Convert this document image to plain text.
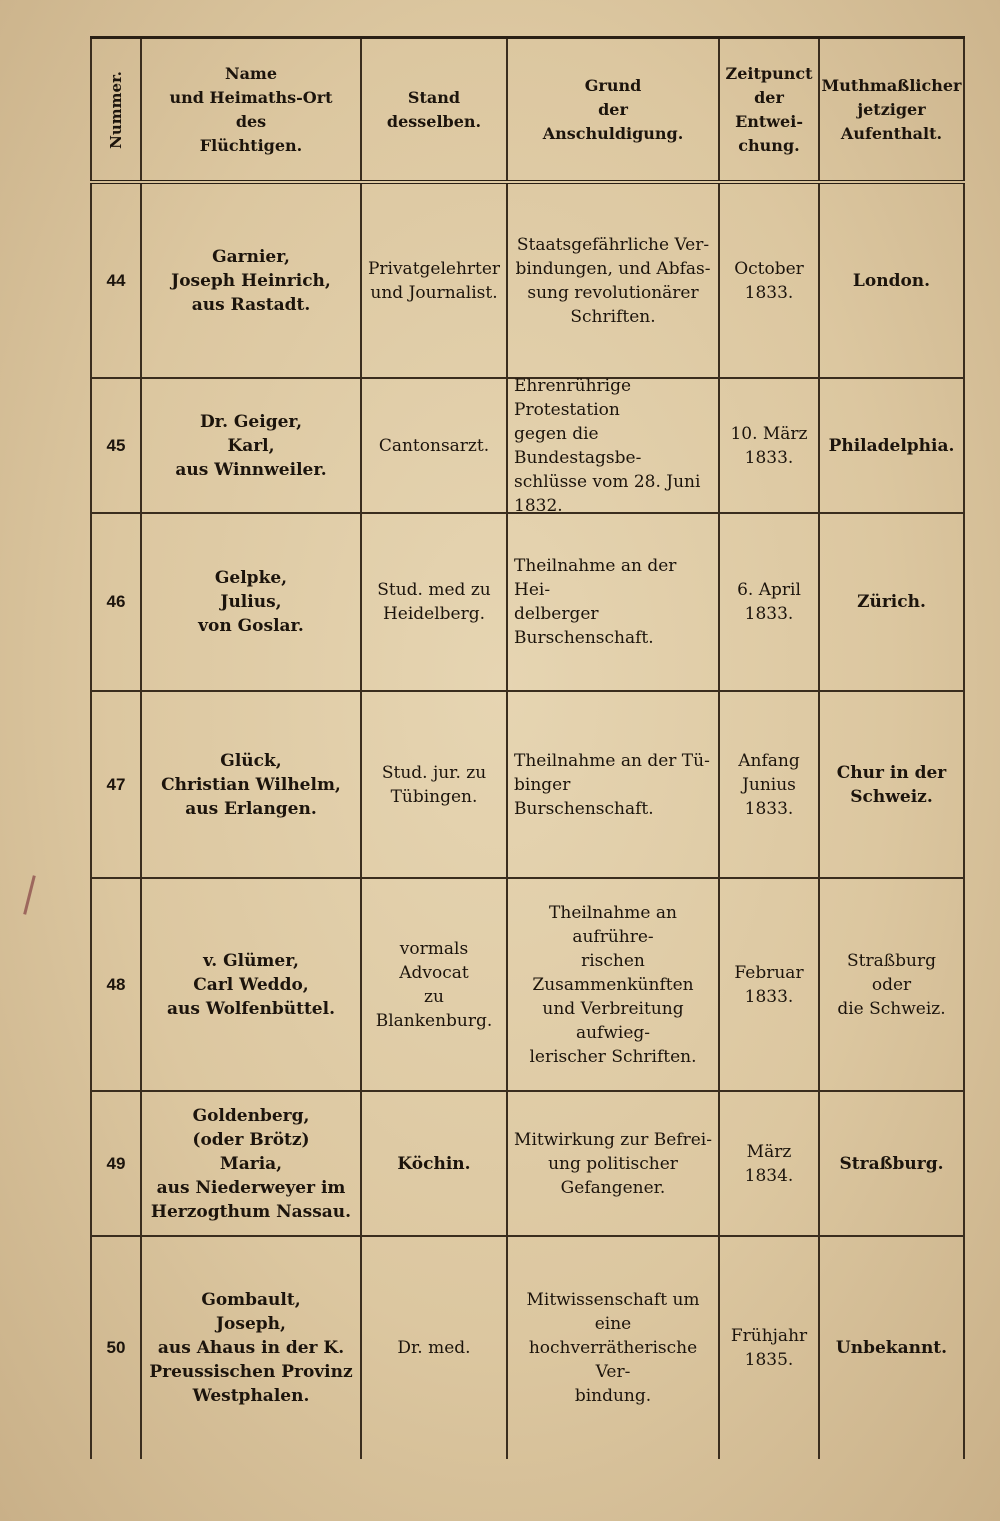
Nummer.	Name
und Heimaths-Ort
des
Flüchtigen.
Stand desselben.
Grund
der
Anschuldigung.
Zeitpunct
der
Entwei-
chung.
Muthmaßlicher
jetziger
Aufenthalt.
44
Garnier,
Joseph Heinrich,
aus Rastadt.
Privatgelehrter
und Journalist.
Staatsgefährliche Ver-
bindungen, und Abfas-
sung revolutionärer
Schriften.
October
1833.
London.
45
Dr. Geiger,
Karl,
aus Winnweiler.
Cantonsarzt.
Ehrenrührige Protestation
gegen die Bundestagsbe-
schlüsse vom 28. Juni
1832.
10. März
1833.
Philadelphia.
46
Gelpke,
Julius,
von Goslar.
Stud. med zu
Heidelberg.
Theilnahme an der Hei-
delberger Burschenschaft.
6. April
1833.
Zürich.
47
Glück,
Christian Wilhelm,
aus Erlangen.
Stud. jur. zu
Tübingen.
Theilnahme an der Tü-
binger Burschenschaft.
Anfang
Junius
1833.
Chur in der
Schweiz.
48
v. Glümer,
Carl Weddo,
aus Wolfenbüttel.
vormals Advocat
zu Blankenburg.
Theilnahme an aufrühre-
rischen Zusammenkünften
und Verbreitung aufwieg-
lerischer Schriften.
Februar
1833.
Straßburg oder
die Schweiz.
49
Goldenberg,
(oder Brötz)
Maria,
aus Niederweyer im
Herzogthum Nassau.
Köchin.
Mitwirkung zur Befrei-
ung politischer Gefangener.
März
1834.
Straßburg.
50
Gombault,
Joseph,
aus Ahaus in der K.
Preussischen Provinz
Westphalen.
Dr. med.
Mitwissenschaft um eine
hochverrätherische Ver-
bindung.
Frühjahr
1835.
Unbekannt.
